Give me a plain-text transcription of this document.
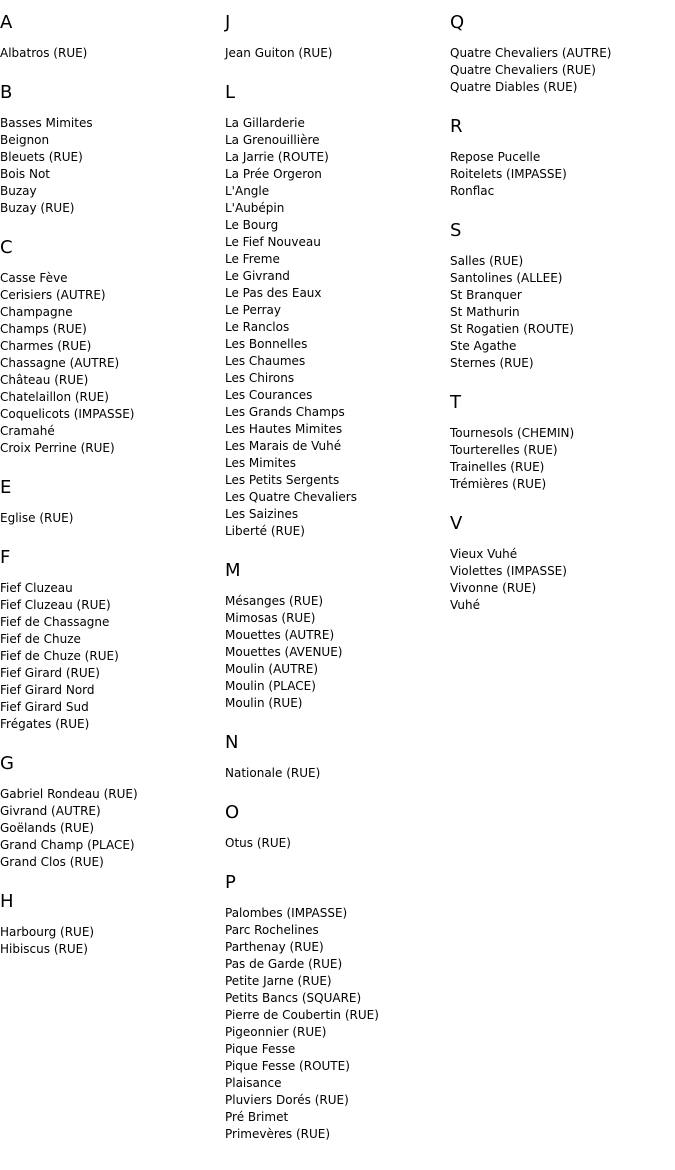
A
Albatros (RUE)
B
Basses Mimites
Beignon
Bleuets (RUE)
Bois Not
Buzay
Buzay (RUE)
C
Casse Fève
Cerisiers (AUTRE)
Champagne
Champs (RUE)
Charmes (RUE)
Chassagne (AUTRE)
Château (RUE)
Chatelaillon (RUE)
Coquelicots (IMPASSE)
Cramahé
Croix Perrine (RUE)
E
Eglise (RUE)
F
Fief Cluzeau
Fief Cluzeau (RUE)
Fief de Chassagne
Fief de Chuze
Fief de Chuze (RUE)
Fief Girard (RUE)
Fief Girard Nord
Fief Girard Sud
Frégates (RUE)
G
Gabriel Rondeau (RUE)
Givrand (AUTRE)
Goëlands (RUE)
Grand Champ (PLACE)
Grand Clos (RUE)
H
Harbourg (RUE)
Hibiscus (RUE)
J
Jean Guiton (RUE)
L
La Gillarderie
La Grenouillière
La Jarrie (ROUTE)
La Prée Orgeron
L'Angle
L'Aubépin
Le Bourg
Le Fief Nouveau
Le Freme
Le Givrand
Le Pas des Eaux
Le Perray
Le Ranclos
Les Bonnelles
Les Chaumes
Les Chirons
Les Courances
Les Grands Champs
Les Hautes Mimites
Les Marais de Vuhé
Les Mimites
Les Petits Sergents
Les Quatre Chevaliers
Les Saizines
Liberté (RUE)
M
Mésanges (RUE)
Mimosas (RUE)
Mouettes (AUTRE)
Mouettes (AVENUE)
Moulin (AUTRE)
Moulin (PLACE)
Moulin (RUE)
N
Nationale (RUE)
O
Otus (RUE)
P
Palombes (IMPASSE)
Parc Rochelines
Parthenay (RUE)
Pas de Garde (RUE)
Petite Jarne (RUE)
Petits Bancs (SQUARE)
Pierre de Coubertin (RUE)
Pigeonnier (RUE)
Pique Fesse
Pique Fesse (ROUTE)
Plaisance
Pluviers Dorés (RUE)
Pré Brimet
Primevères (RUE)
Q
Quatre Chevaliers (AUTRE)
Quatre Chevaliers (RUE)
Quatre Diables (RUE)
R
Repose Pucelle
Roitelets (IMPASSE)
Ronflac
S
Salles (RUE)
Santolines (ALLEE)
St Branquer
St Mathurin
St Rogatien (ROUTE)
Ste Agathe
Sternes (RUE)
T
Tournesols (CHEMIN)
Tourterelles (RUE)
Trainelles (RUE)
Trémières (RUE)
V
Vieux Vuhé
Violettes (IMPASSE)
Vivonne (RUE)
Vuhé
